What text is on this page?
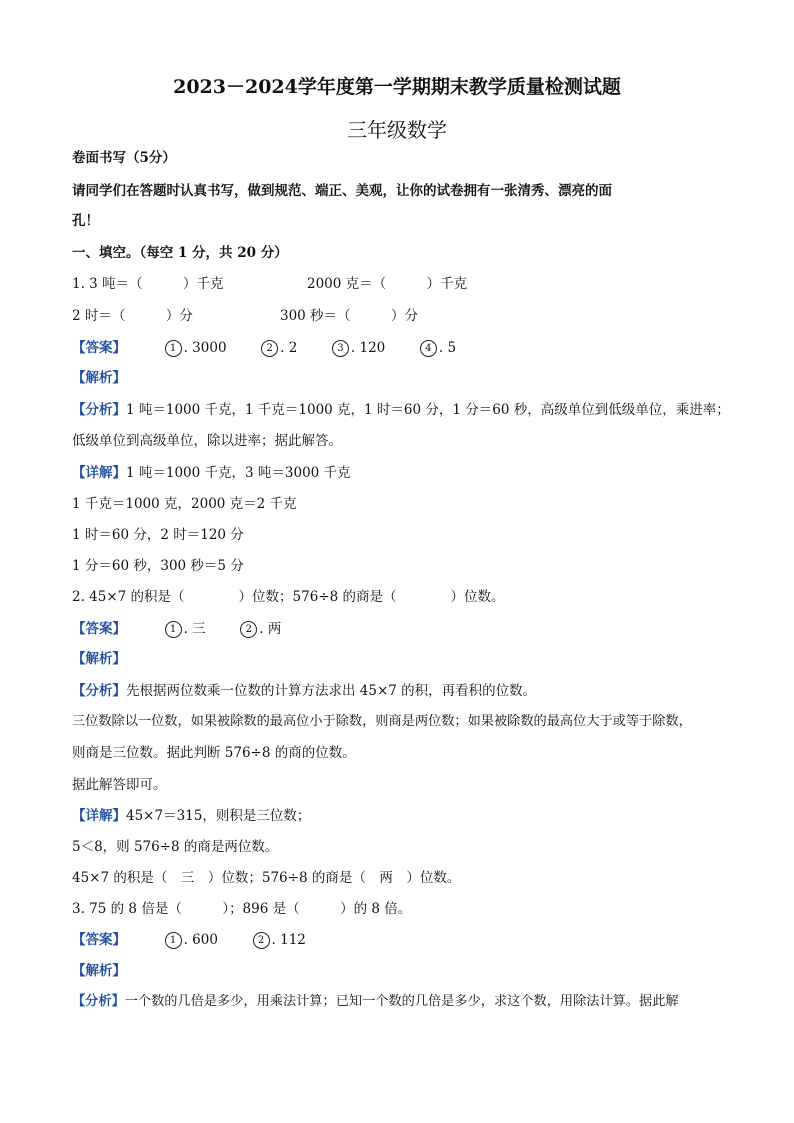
2023－2024学年度第一学期期末教学质量检测试题
三年级数学
卷面书写（5分）
请同学们在答题时认真书写，做到规范、端正、美观，让你的试卷拥有一张清秀、漂亮的面
孔！
一、填空。（每空 1 分，共 20 分）
1. 3 吨＝（　　　）千克	2000 克＝（　　　）千克
2 时＝（　　　）分	300 秒＝（　　　）分
【答案】	1 . 3000	2 . 2	3 . 120	4 . 5
【解析】
【分析】1 吨＝1000 千克，1 千克＝1000 克，1 时＝60 分，1 分＝60 秒，高级单位到低级单位，乘进率；
低级单位到高级单位，除以进率；据此解答。
【详解】1 吨＝1000 千克，3 吨＝3000 千克
1 千克＝1000 克，2000 克＝2 千克
1 时＝60 分，2 时＝120 分
1 分＝60 秒，300 秒＝5 分
2. 45×7 的积是（　　　　）位数；576÷8 的商是（　　　　）位数。
【答案】	1 . 三	2 . 两
【解析】
【分析】先根据两位数乘一位数的计算方法求出 45×7 的积，再看积的位数。
三位数除以一位数，如果被除数的最高位小于除数，则商是两位数；如果被除数的最高位大于或等于除数，
则商是三位数。据此判断 576÷8 的商的位数。
据此解答即可。
【详解】45×7＝315，则积是三位数；
5＜8，则 576÷8 的商是两位数。
45×7 的积是（　三　）位数；576÷8 的商是（　两　）位数。
3. 75 的 8 倍是（　　　）；896 是（　　　）的 8 倍。
【答案】	1 . 600	2 . 112
【解析】
【分析】一个数的几倍是多少，用乘法计算；已知一个数的几倍是多少，求这个数，用除法计算。据此解
